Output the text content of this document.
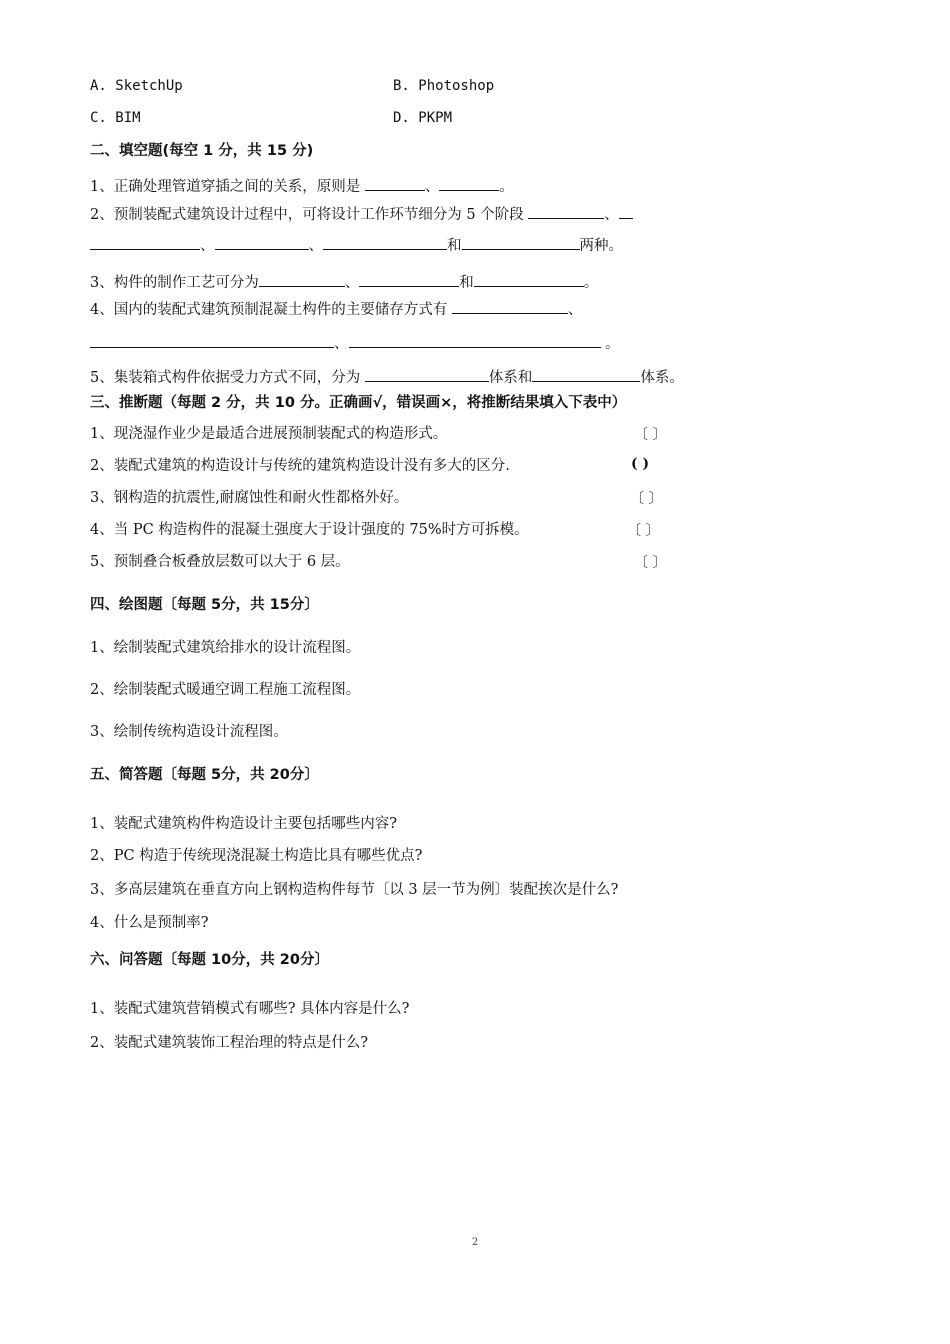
A. SketchUp	B. Photoshop
C. BIM	D. PKPM
二、填空题(每空 1 分，共 15 分)
1、正确处理管道穿插之间的关系，原则是	、	。
2、预制装配式建筑设计过程中，可将设计工作环节细分为 5 个阶段	、
、	、	和	两种。
3、构件的制作工艺可分为	、	和	。
4、国内的装配式建筑预制混凝土构件的主要储存方式有	、
、	。
5、集装箱式构件依据受力方式不同，分为	体系和	体系。
三、推断题（每题 2 分，共 10 分。正确画√，错误画×，将推断结果填入下表中）
1、现浇湿作业少是最适合进展预制装配式的构造形式。	〔 〕
2、装配式建筑的构造设计与传统的建筑构造设计没有多大的区分.	( )
3、钢构造的抗震性,耐腐蚀性和耐火性都格外好。	〔 〕
4、当 PC 构造构件的混凝土强度大于设计强度的 75%时方可拆模。	〔 〕
5、预制叠合板叠放层数可以大于 6 层。	〔 〕
四、绘图题〔每题 5分，共 15分〕
1、绘制装配式建筑给排水的设计流程图。
2、绘制装配式暖通空调工程施工流程图。
3、绘制传统构造设计流程图。
五、简答题〔每题 5分，共 20分〕
1、装配式建筑构件构造设计主要包括哪些内容?
2、PC 构造于传统现浇混凝土构造比具有哪些优点?
3、多高层建筑在垂直方向上钢构造构件每节〔以 3 层一节为例〕装配挨次是什么?
4、什么是预制率?
六、问答题〔每题 10分，共 20分〕
1、装配式建筑营销模式有哪些? 具体内容是什么?
2、装配式建筑装饰工程治理的特点是什么?
2
